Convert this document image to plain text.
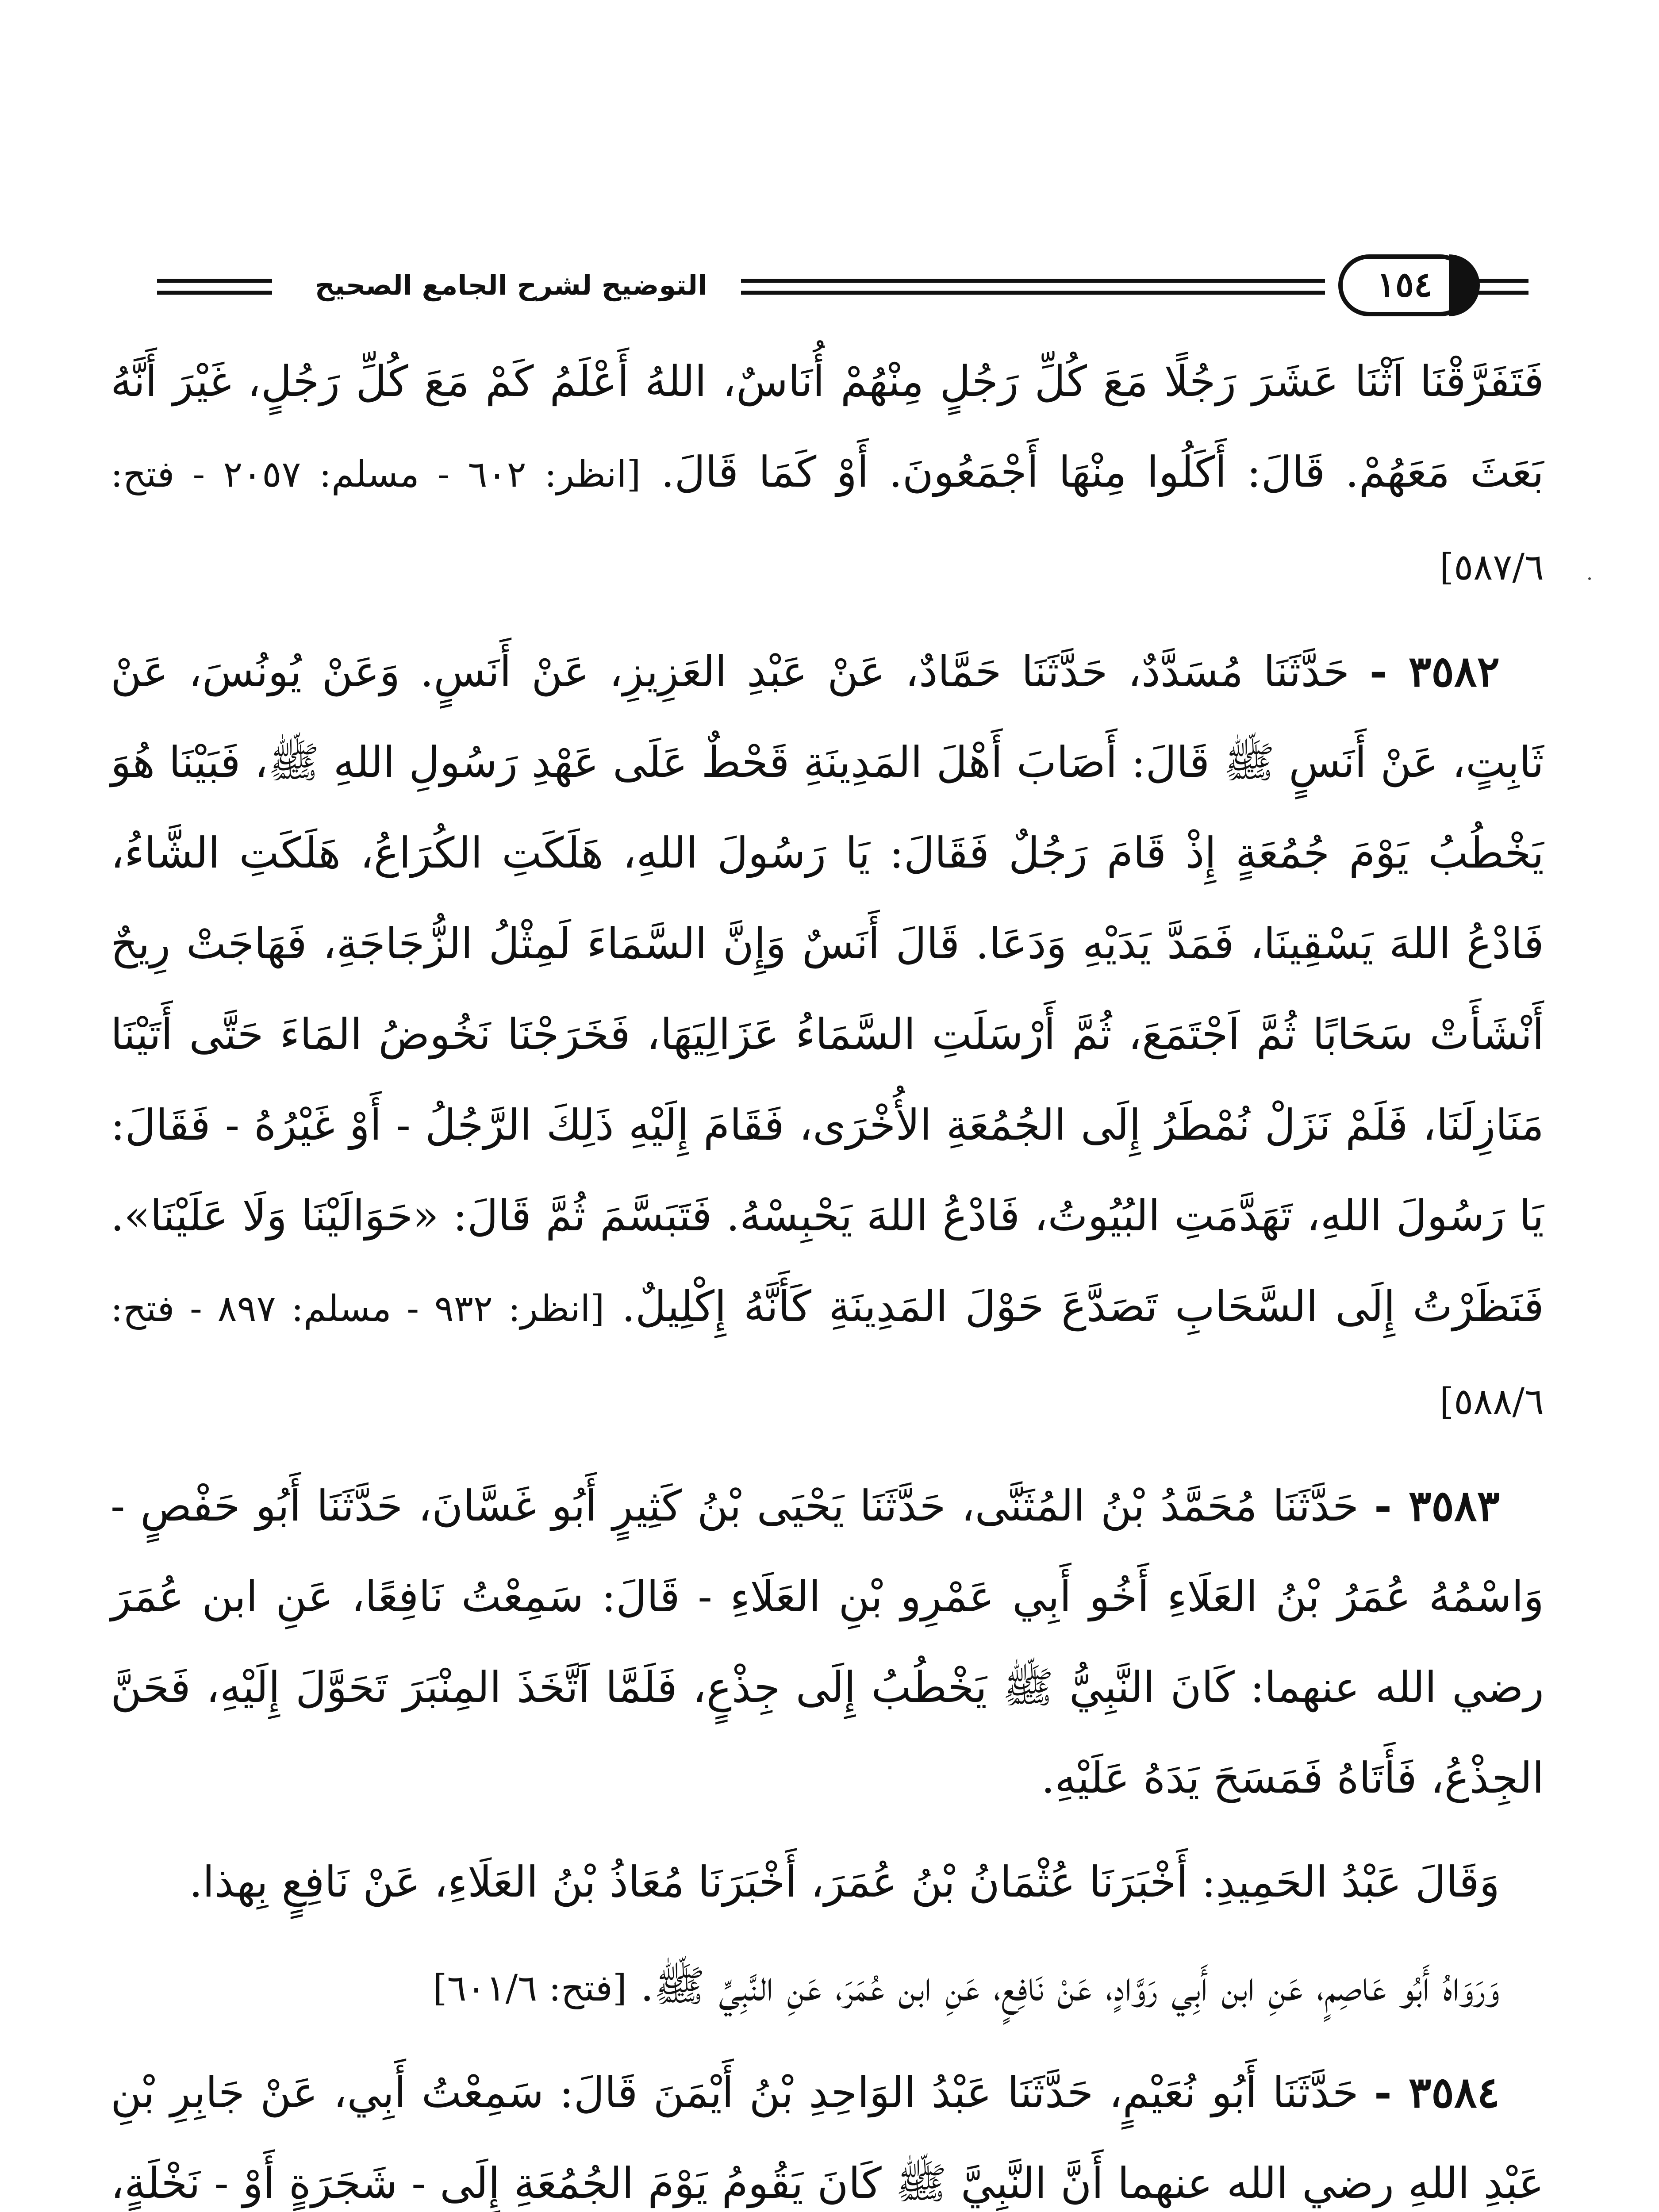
التوضيح لشرح الجامع الصحيح	١٥٤

فَتَفَرَّقْنَا اَثْنَا عَشَرَ رَجُلًا مَعَ كُلِّ رَجُلٍ مِنْهُمْ أُنَاسٌ، اللهُ أَعْلَمُ كَمْ مَعَ كُلِّ رَجُلٍ، غَيْرَ أَنَّهُ بَعَثَ مَعَهُمْ. قَالَ: أَكَلُوا مِنْهَا أَجْمَعُونَ. أَوْ كَمَا قَالَ. [انظر: ٦٠٢ - مسلم: ٢٠٥٧ - فتح: ٥٨٧/٦]

٣٥٨٢ - حَدَّثَنَا مُسَدَّدٌ، حَدَّثَنَا حَمَّادٌ، عَنْ عَبْدِ العَزِيزِ، عَنْ أَنَسٍ. وَعَنْ يُونُسَ، عَنْ ثَابِتٍ، عَنْ أَنَسٍ ﷺ قَالَ: أَصَابَ أَهْلَ المَدِينَةِ قَحْطٌ عَلَى عَهْدِ رَسُولِ اللهِ ﷺ، فَبَيْنَا هُوَ يَخْطُبُ يَوْمَ جُمُعَةٍ إِذْ قَامَ رَجُلٌ فَقَالَ: يَا رَسُولَ اللهِ، هَلَكَتِ الكُرَاعُ، هَلَكَتِ الشَّاءُ، فَادْعُ اللهَ يَسْقِينَا، فَمَدَّ يَدَيْهِ وَدَعَا. قَالَ أَنَسٌ وَإِنَّ السَّمَاءَ لَمِثْلُ الزُّجَاجَةِ، فَهَاجَتْ رِيحٌ أَنْشَأَتْ سَحَابًا ثُمَّ اَجْتَمَعَ، ثُمَّ أَرْسَلَتِ السَّمَاءُ عَزَالِيَهَا، فَخَرَجْنَا نَخُوضُ المَاءَ حَتَّى أَتَيْنَا مَنَازِلَنَا، فَلَمْ نَزَلْ نُمْطَرُ إِلَى الجُمُعَةِ الأُخْرَى، فَقَامَ إِلَيْهِ ذَلِكَ الرَّجُلُ - أَوْ غَيْرُهُ - فَقَالَ: يَا رَسُولَ اللهِ، تَهَدَّمَتِ البُيُوتُ، فَادْعُ اللهَ يَحْبِسْهُ. فَتَبَسَّمَ ثُمَّ قَالَ: «حَوَالَيْنَا وَلَا عَلَيْنَا». فَنَظَرْتُ إِلَى السَّحَابِ تَصَدَّعَ حَوْلَ المَدِينَةِ كَأَنَّهُ إِكْلِيلٌ. [انظر: ٩٣٢ - مسلم: ٨٩٧ - فتح: ٥٨٨/٦]

٣٥٨٣ - حَدَّثَنَا مُحَمَّدُ بْنُ المُثَنَّى، حَدَّثَنَا يَحْيَى بْنُ كَثِيرٍ أَبُو غَسَّانَ، حَدَّثَنَا أَبُو حَفْصٍ - وَاسْمُهُ عُمَرُ بْنُ العَلَاءِ أَخُو أَبِي عَمْرِو بْنِ العَلَاءِ - قَالَ: سَمِعْتُ نَافِعًا، عَنِ ابن عُمَرَ رضي الله عنهما: كَانَ النَّبِيُّ ﷺ يَخْطُبُ إِلَى جِذْعٍ، فَلَمَّا اَتَّخَذَ المِنْبَرَ تَحَوَّلَ إِلَيْهِ، فَحَنَّ الجِذْعُ، فَأَتَاهُ فَمَسَحَ يَدَهُ عَلَيْهِ.

وَقَالَ عَبْدُ الحَمِيدِ: أَخْبَرَنَا عُثْمَانُ بْنُ عُمَرَ، أَخْبَرَنَا مُعَاذُ بْنُ العَلَاءِ، عَنْ نَافِعٍ بِهذا.

وَرَوَاهُ أَبُو عَاصِمٍ، عَنِ ابن أَبِي رَوَّادٍ، عَنْ نَافِعٍ، عَنِ ابن عُمَرَ، عَنِ النَّبِيِّ ﷺ. [فتح: ٦٠١/٦]

٣٥٨٤ - حَدَّثَنَا أَبُو نُعَيْمٍ، حَدَّثَنَا عَبْدُ الوَاحِدِ بْنُ أَيْمَنَ قَالَ: سَمِعْتُ أَبِي، عَنْ جَابِرِ بْنِ عَبْدِ اللهِ رضي الله عنهما أَنَّ النَّبِيَّ ﷺ كَانَ يَقُومُ يَوْمَ الجُمُعَةِ إِلَى - شَجَرَةٍ أَوْ - نَخْلَةٍ،
